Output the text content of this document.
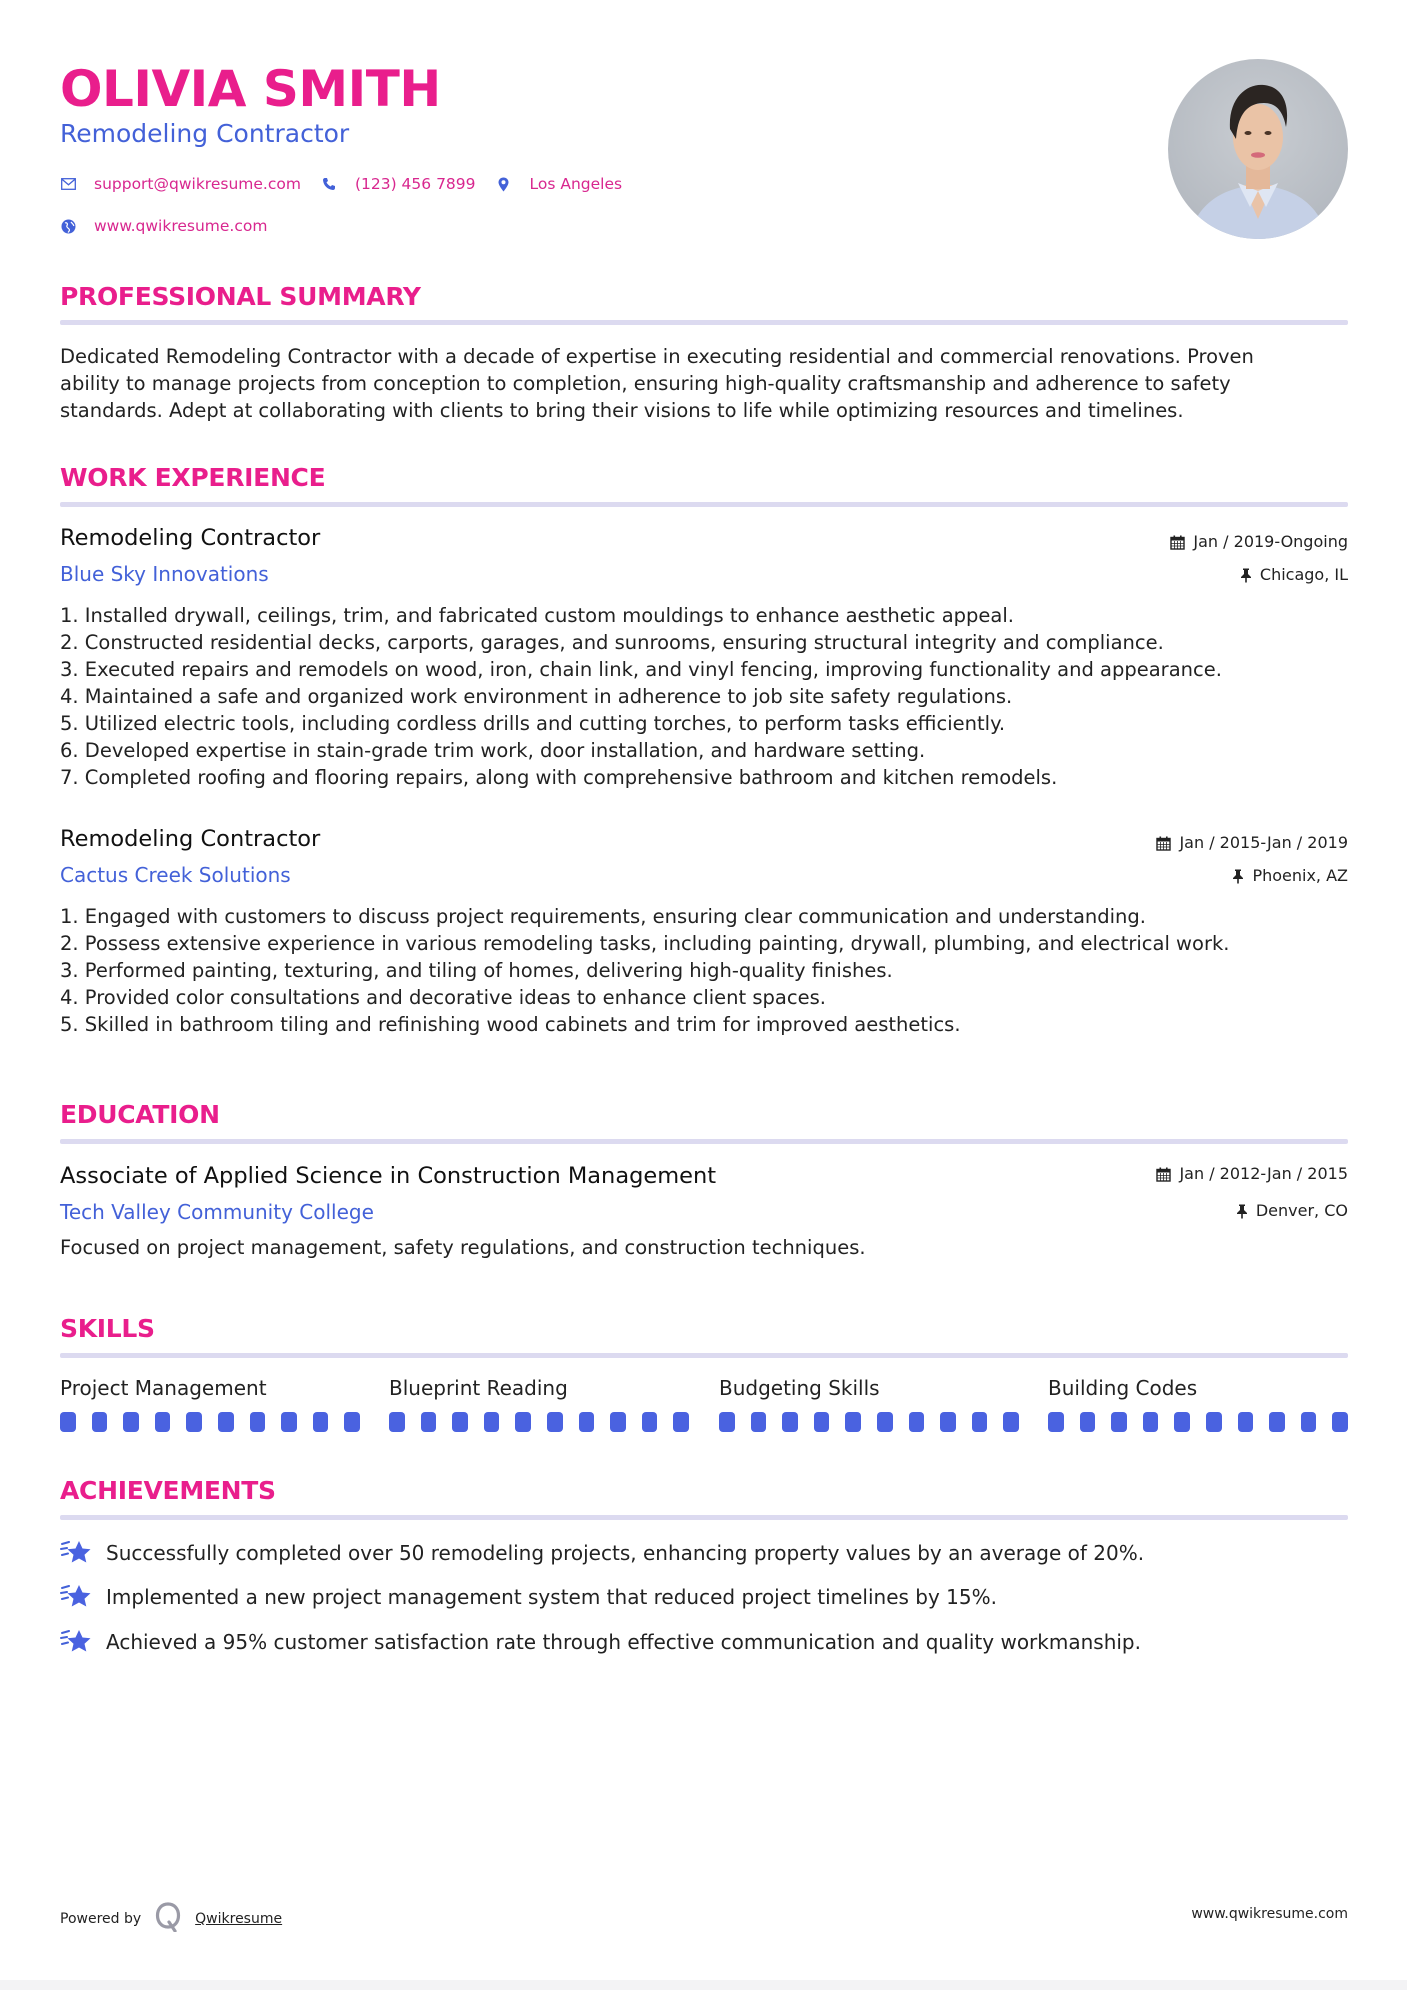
OLIVIA SMITH
Remodeling Contractor
support@qwikresume.com	(123) 456 7899	Los Angeles
www.qwikresume.com
PROFESSIONAL SUMMARY
Dedicated Remodeling Contractor with a decade of expertise in executing residential and commercial renovations. Proven
ability to manage projects from conception to completion, ensuring high-quality craftsmanship and adherence to safety
standards. Adept at collaborating with clients to bring their visions to life while optimizing resources and timelines.
WORK EXPERIENCE
Remodeling Contractor
Blue Sky Innovations
Jan / 2019-Ongoing
Chicago, IL
1. Installed drywall, ceilings, trim, and fabricated custom mouldings to enhance aesthetic appeal.
2. Constructed residential decks, carports, garages, and sunrooms, ensuring structural integrity and compliance.
3. Executed repairs and remodels on wood, iron, chain link, and vinyl fencing, improving functionality and appearance.
4. Maintained a safe and organized work environment in adherence to job site safety regulations.
5. Utilized electric tools, including cordless drills and cutting torches, to perform tasks efficiently.
6. Developed expertise in stain-grade trim work, door installation, and hardware setting.
7. Completed roofing and flooring repairs, along with comprehensive bathroom and kitchen remodels.
Remodeling Contractor
Cactus Creek Solutions
Jan / 2015-Jan / 2019
Phoenix, AZ
1. Engaged with customers to discuss project requirements, ensuring clear communication and understanding.
2. Possess extensive experience in various remodeling tasks, including painting, drywall, plumbing, and electrical work.
3. Performed painting, texturing, and tiling of homes, delivering high-quality finishes.
4. Provided color consultations and decorative ideas to enhance client spaces.
5. Skilled in bathroom tiling and refinishing wood cabinets and trim for improved aesthetics.
EDUCATION
Associate of Applied Science in Construction Management
Tech Valley Community College
Jan / 2012-Jan / 2015
Denver, CO
Focused on project management, safety regulations, and construction techniques.
SKILLS
Project Management	Blueprint Reading	Budgeting Skills	Building Codes
ACHIEVEMENTS
Successfully completed over 50 remodeling projects, enhancing property values by an average of 20%.
Implemented a new project management system that reduced project timelines by 15%.
Achieved a 95% customer satisfaction rate through effective communication and quality workmanship.
Powered by	Qwikresume	www.qwikresume.com
